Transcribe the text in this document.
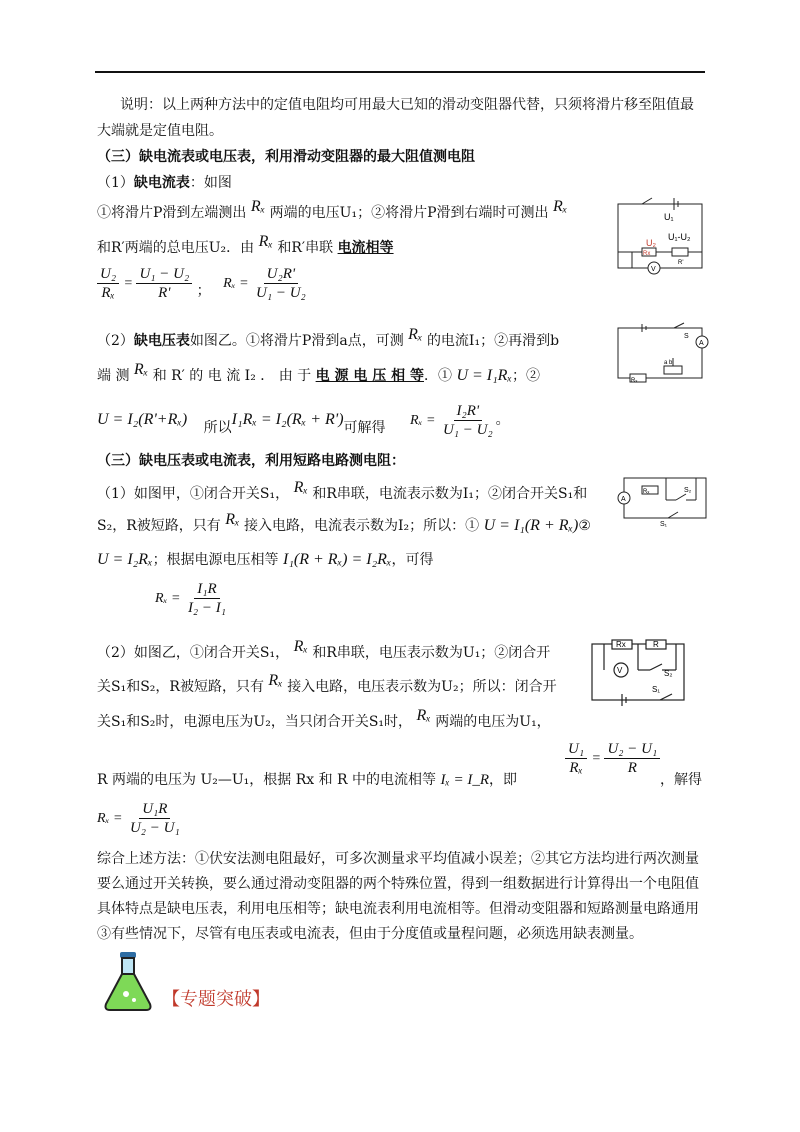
说明：以上两种方法中的定值电阻均可用最大已知的滑动变阻器代替，只须将滑片移至阻值最
大端就是定值电阻。
（三）缺电流表或电压表，利用滑动变阻器的最大阻值测电阻
（1）缺电流表：如图
①将滑片P滑到左端测出 Rₓ 两端的电压U₁；②将滑片P滑到右端时可测出 Rₓ
和R′两端的总电压U₂．由 Rₓ 和R′串联 电流相等
$\frac{\text{U₂}}{\text{Rₓ}} = \frac{\text{U₁ − U₂}}{R'}$ ； $R_x = \frac{\text{U₂R'}}{\text{U₁ − U₂}}$
U₁
U₂
U₁-U₂
Rx
V
R'
（2）缺电压表如图乙。①将滑片P滑到a点，可测 Rₓ 的电流I₁；②再滑到b
端 测 Rₓ 和 R′ 的 电 流 I₂ ． 由 于 电 源 电 压 相 等．① U = I₁Rₓ；②
U = I₂(R'+Rₓ) 所以I₁Rₓ = I₂(Rₓ + R')可解得 $R_x = \frac{\text{I₂R'}}{\text{U₁ − U₂}}$ 。
S
A
Rₓ
a b
（三）缺电压表或电流表，利用短路电路测电阻：
（1）如图甲，①闭合开关S₁， Rₓ 和R串联，电流表示数为I₁；②闭合开关S₁和
S₂，R被短路，只有 Rₓ 接入电路，电流表示数为I₂；所以：① U = I₁(R + Rₓ)②
U = I₂Rₓ；根据电源电压相等 I₁(R + Rₓ) = I₂Rₓ，可得
$R_x = \frac{\text{I₁R}}{\text{I₂ − I₁}}$
A
Rₓ
S₁
S₂
（2）如图乙，①闭合开关S₁， Rₓ 和R串联，电压表示数为U₁；②闭合开
关S₁和S₂，R被短路，只有 Rₓ 接入电路，电压表示数为U₂；所以：闭合开
关S₁和S₂时，电源电压为U₂，当只闭合开关S₁时， Rₓ 两端的电压为U₁，
$\frac{\text{U₁}}{\text{Rₓ}} = \frac{\text{U₂ − U₁}}{R}$
R 两端的电压为 U₂—U₁，根据 Rx 和 R 中的电流相等 Iₓ = I_R，即	，解得
$R_x = \frac{\text{U₁R}}{\text{U₂ − U₁}}$
Rx	R
V	S₂
S₁
综合上述方法：①伏安法测电阻最好，可多次测量求平均值减小误差；②其它方法均进行两次测量
要么通过开关转换，要么通过滑动变阻器的两个特殊位置，得到一组数据进行计算得出一个电阻值
具体特点是缺电压表，利用电压相等；缺电流表利用电流相等。但滑动变阻器和短路测量电路通用
③有些情况下，尽管有电压表或电流表，但由于分度值或量程问题，必须选用缺表测量。
【专题突破】
